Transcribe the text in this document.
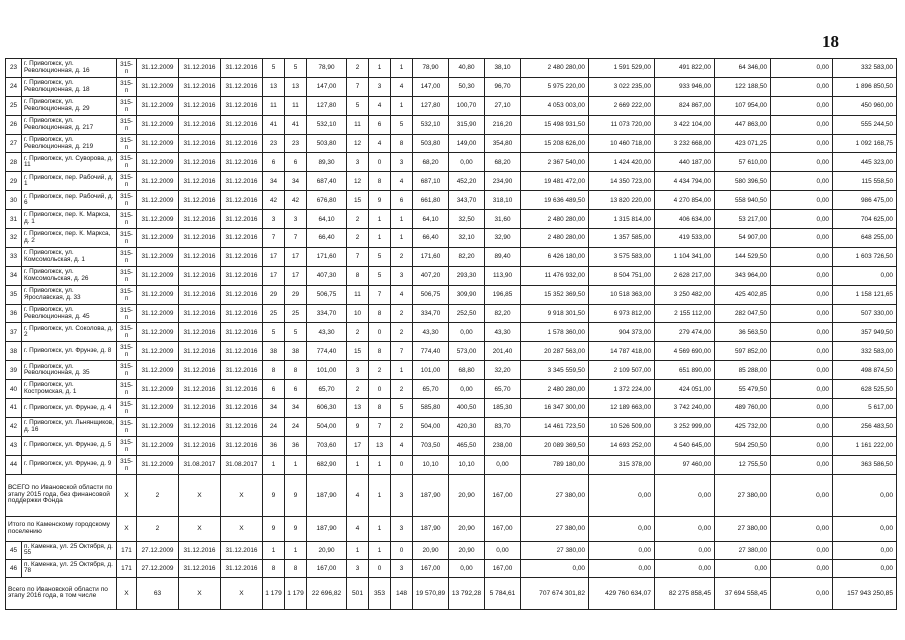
18
23	г. Приволжск, ул. Революционная, д. 16	315-п	31.12.2009	31.12.2016	31.12.2016	5	5	78,90	2	1	1	78,90	40,80	38,10	2 480 280,00	1 591 529,00	491 822,00	64 346,00	0,00	332 583,00
24	г. Приволжск, ул. Революционная, д. 18	315-п	31.12.2009	31.12.2016	31.12.2016	13	13	147,00	7	3	4	147,00	50,30	96,70	5 975 220,00	3 022 235,00	933 946,00	122 188,50	0,00	1 896 850,50
25	г. Приволжск, ул. Революционная, д. 29	315-п	31.12.2009	31.12.2016	31.12.2016	11	11	127,80	5	4	1	127,80	100,70	27,10	4 053 003,00	2 669 222,00	824 867,00	107 954,00	0,00	450 960,00
26	г. Приволжск, ул. Революционная, д. 217	315-п	31.12.2009	31.12.2016	31.12.2016	41	41	532,10	11	6	5	532,10	315,90	216,20	15 498 931,50	11 073 720,00	3 422 104,00	447 863,00	0,00	555 244,50
27	г. Приволжск, ул. Революционная, д. 219	315-п	31.12.2009	31.12.2016	31.12.2016	23	23	503,80	12	4	8	503,80	149,00	354,80	15 208 626,00	10 460 718,00	3 232 668,00	423 071,25	0,00	1 092 168,75
28	г. Приволжск, ул. Суворова, д. 11	315-п	31.12.2009	31.12.2016	31.12.2016	6	6	89,30	3	0	3	68,20	0,00	68,20	2 367 540,00	1 424 420,00	440 187,00	57 610,00	0,00	445 323,00
29	г. Приволжск, пер. Рабочий, д. 1	315-п	31.12.2009	31.12.2016	31.12.2016	34	34	687,40	12	8	4	687,10	452,20	234,90	19 481 472,00	14 350 723,00	4 434 794,00	580 396,50	0,00	115 558,50
30	г. Приволжск, пер. Рабочий, д. 6	315-п	31.12.2009	31.12.2016	31.12.2016	42	42	676,80	15	9	6	661,80	343,70	318,10	19 636 489,50	13 820 220,00	4 270 854,00	558 940,50	0,00	986 475,00
31	г. Приволжск, пер. К. Маркса, д. 1	315-п	31.12.2009	31.12.2016	31.12.2016	3	3	64,10	2	1	1	64,10	32,50	31,60	2 480 280,00	1 315 814,00	406 634,00	53 217,00	0,00	704 625,00
32	г. Приволжск, пер. К. Маркса, д. 2	315-п	31.12.2009	31.12.2016	31.12.2016	7	7	66,40	2	1	1	66,40	32,10	32,90	2 480 280,00	1 357 585,00	419 533,00	54 907,00	0,00	648 255,00
33	г. Приволжск, ул. Комсомольская, д. 1	315-п	31.12.2009	31.12.2016	31.12.2016	17	17	171,60	7	5	2	171,60	82,20	89,40	6 426 180,00	3 575 583,00	1 104 341,00	144 529,50	0,00	1 603 726,50
34	г. Приволжск, ул. Комсомольская, д. 26	315-п	31.12.2009	31.12.2016	31.12.2016	17	17	407,30	8	5	3	407,20	293,30	113,90	11 476 932,00	8 504 751,00	2 628 217,00	343 964,00	0,00	0,00
35	г. Приволжск, ул. Ярославская, д. 33	315-п	31.12.2009	31.12.2016	31.12.2016	29	29	506,75	11	7	4	506,75	309,90	196,85	15 352 369,50	10 518 363,00	3 250 482,00	425 402,85	0,00	1 158 121,65
36	г. Приволжск, ул. Революционная, д. 45	315-п	31.12.2009	31.12.2016	31.12.2016	25	25	334,70	10	8	2	334,70	252,50	82,20	9 918 301,50	6 973 812,00	2 155 112,00	282 047,50	0,00	507 330,00
37	г. Приволжск, ул. Соколова, д. 2	315-п	31.12.2009	31.12.2016	31.12.2016	5	5	43,30	2	0	2	43,30	0,00	43,30	1 578 360,00	904 373,00	279 474,00	36 563,50	0,00	357 949,50
38	г. Приволжск, ул. Фрунзе, д. 8	315-п	31.12.2009	31.12.2016	31.12.2016	38	38	774,40	15	8	7	774,40	573,00	201,40	20 287 563,00	14 787 418,00	4 569 690,00	597 852,00	0,00	332 583,00
39	г. Приволжск, ул. Революционная, д. 35	315-п	31.12.2009	31.12.2016	31.12.2016	8	8	101,00	3	2	1	101,00	68,80	32,20	3 345 559,50	2 109 507,00	651 890,00	85 288,00	0,00	498 874,50
40	г. Приволжск, ул. Костромская, д. 1	315-п	31.12.2009	31.12.2016	31.12.2016	6	6	65,70	2	0	2	65,70	0,00	65,70	2 480 280,00	1 372 224,00	424 051,00	55 479,50	0,00	628 525,50
41	г. Приволжск, ул. Фрунзе, д. 4	315-п	31.12.2009	31.12.2016	31.12.2016	34	34	606,30	13	8	5	585,80	400,50	185,30	16 347 300,00	12 189 663,00	3 742 240,00	489 760,00	0,00	5 617,00
42	г. Приволжск, ул. Льнянщиков, д. 16	315-п	31.12.2009	31.12.2016	31.12.2016	24	24	504,00	9	7	2	504,00	420,30	83,70	14 461 723,50	10 526 509,00	3 252 999,00	425 732,00	0,00	256 483,50
43	г. Приволжск, ул. Фрунзе, д. 5	315-п	31.12.2009	31.12.2016	31.12.2016	36	36	703,60	17	13	4	703,50	465,50	238,00	20 089 369,50	14 693 252,00	4 540 645,00	594 250,50	0,00	1 161 222,00
44	г. Приволжск, ул. Фрунзе, д. 9	315-п	31.12.2009	31.08.2017	31.08.2017	1	1	682,90	1	1	0	10,10	10,10	0,00	789 180,00	315 378,00	97 460,00	12 755,50	0,00	363 586,50
ВСЕГО по Ивановской области по этапу 2015 года, без финансовой поддержки Фонда		X	2	X	X	9	9	187,90	4	1	3	187,90	20,90	167,00	27 380,00	0,00	0,00	27 380,00	0,00	0,00
Итого по Каменскому городскому поселению		X	2	X	X	9	9	187,90	4	1	3	187,90	20,90	167,00	27 380,00	0,00	0,00	27 380,00	0,00	0,00
45	п. Каменка, ул. 25 Октября, д. 55	171	27.12.2009	31.12.2016	31.12.2016	1	1	20,90	1	1	0	20,90	20,90	0,00	27 380,00	0,00	0,00	27 380,00	0,00	0,00
46	п. Каменка, ул. 25 Октября, д. 78	171	27.12.2009	31.12.2016	31.12.2016	8	8	167,00	3	0	3	167,00	0,00	167,00	0,00	0,00	0,00	0,00	0,00	0,00
Всего по Ивановской области по этапу 2016 года, в том числе		X	63	X	X	1 179	1 179	22 696,82	501	353	148	19 570,89	13 792,28	5 784,61	707 674 301,82	429 760 634,07	82 275 858,45	37 694 558,45	0,00	157 943 250,85
